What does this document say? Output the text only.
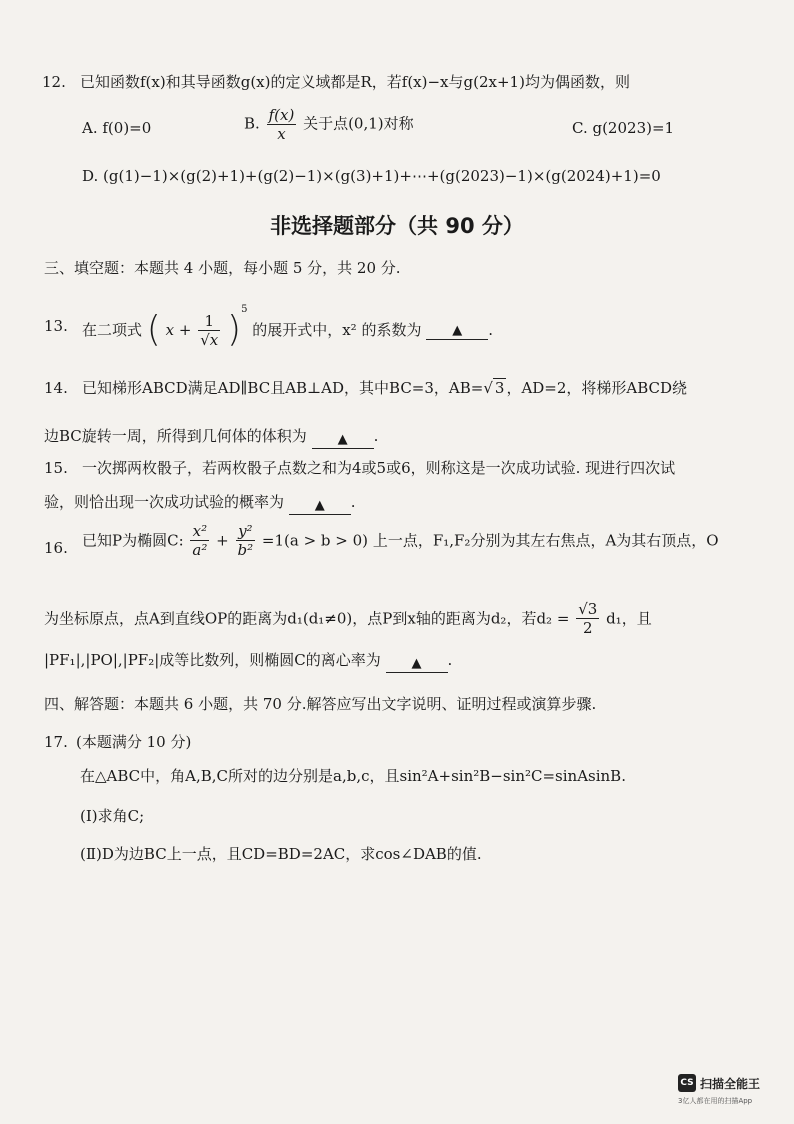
12. 已知函数f(x)和其导函数g(x)的定义域都是R，若f(x)−x与g(2x+1)均为偶函数，则
A. f(0)=0	B. $\frac{f(x)}{x}$ 关于点(0,1)对称	C. g(2023)=1
D. (g(1)−1)×(g(2)+1)+(g(2)−1)×(g(3)+1)+⋯+(g(2023)−1)×(g(2024)+1)=0
非选择题部分（共 90 分）
三、填空题：本题共 4 小题，每小题 5 分，共 20 分.
13. 在二项式 ( $x + \frac{1}{√x} )^5$ 的展开式中，x² 的系数为 ▲ .
14. 已知梯形ABCD满足AD∥BC且AB⊥AD，其中BC=3，AB=√ 3 ，AD=2，将梯形ABCD绕
边BC旋转一周，所得到几何体的体积为 ▲ .
15. 一次掷两枚骰子，若两枚骰子点数之和为4或5或6，则称这是一次成功试验. 现进行四次试
验，则恰出现一次成功试验的概率为 ▲ .
16. 已知P为椭圆C: $\frac{\text{x²}}{\text{a²}} + \frac{\text{y²}}{\text{b²}} =1(a > b > 0)$ 上一点，F₁,F₂分别为其左右焦点，A为其右顶点，O
为坐标原点，点A到直线OP的距离为d₁(d₁≠0)，点P到x轴的距离为d₂，若$d_2 = \frac{√3}{2} d_1$，且
|PF₁|,|PO|,|PF₂|成等比数列，则椭圆C的离心率为 ▲ .
四、解答题：本题共 6 小题，共 70 分.解答应写出文字说明、证明过程或演算步骤.
17. (本题满分 10 分)
在△ABC中，角A,B,C所对的边分别是a,b,c，且sin²A+sin²B−sin²C=sinAsinB.
(Ⅰ)求角C;
(Ⅱ)D为边BC上一点，且CD=BD=2AC，求cos∠DAB的值.
CS 扫描全能王
3亿人都在用的扫描App
